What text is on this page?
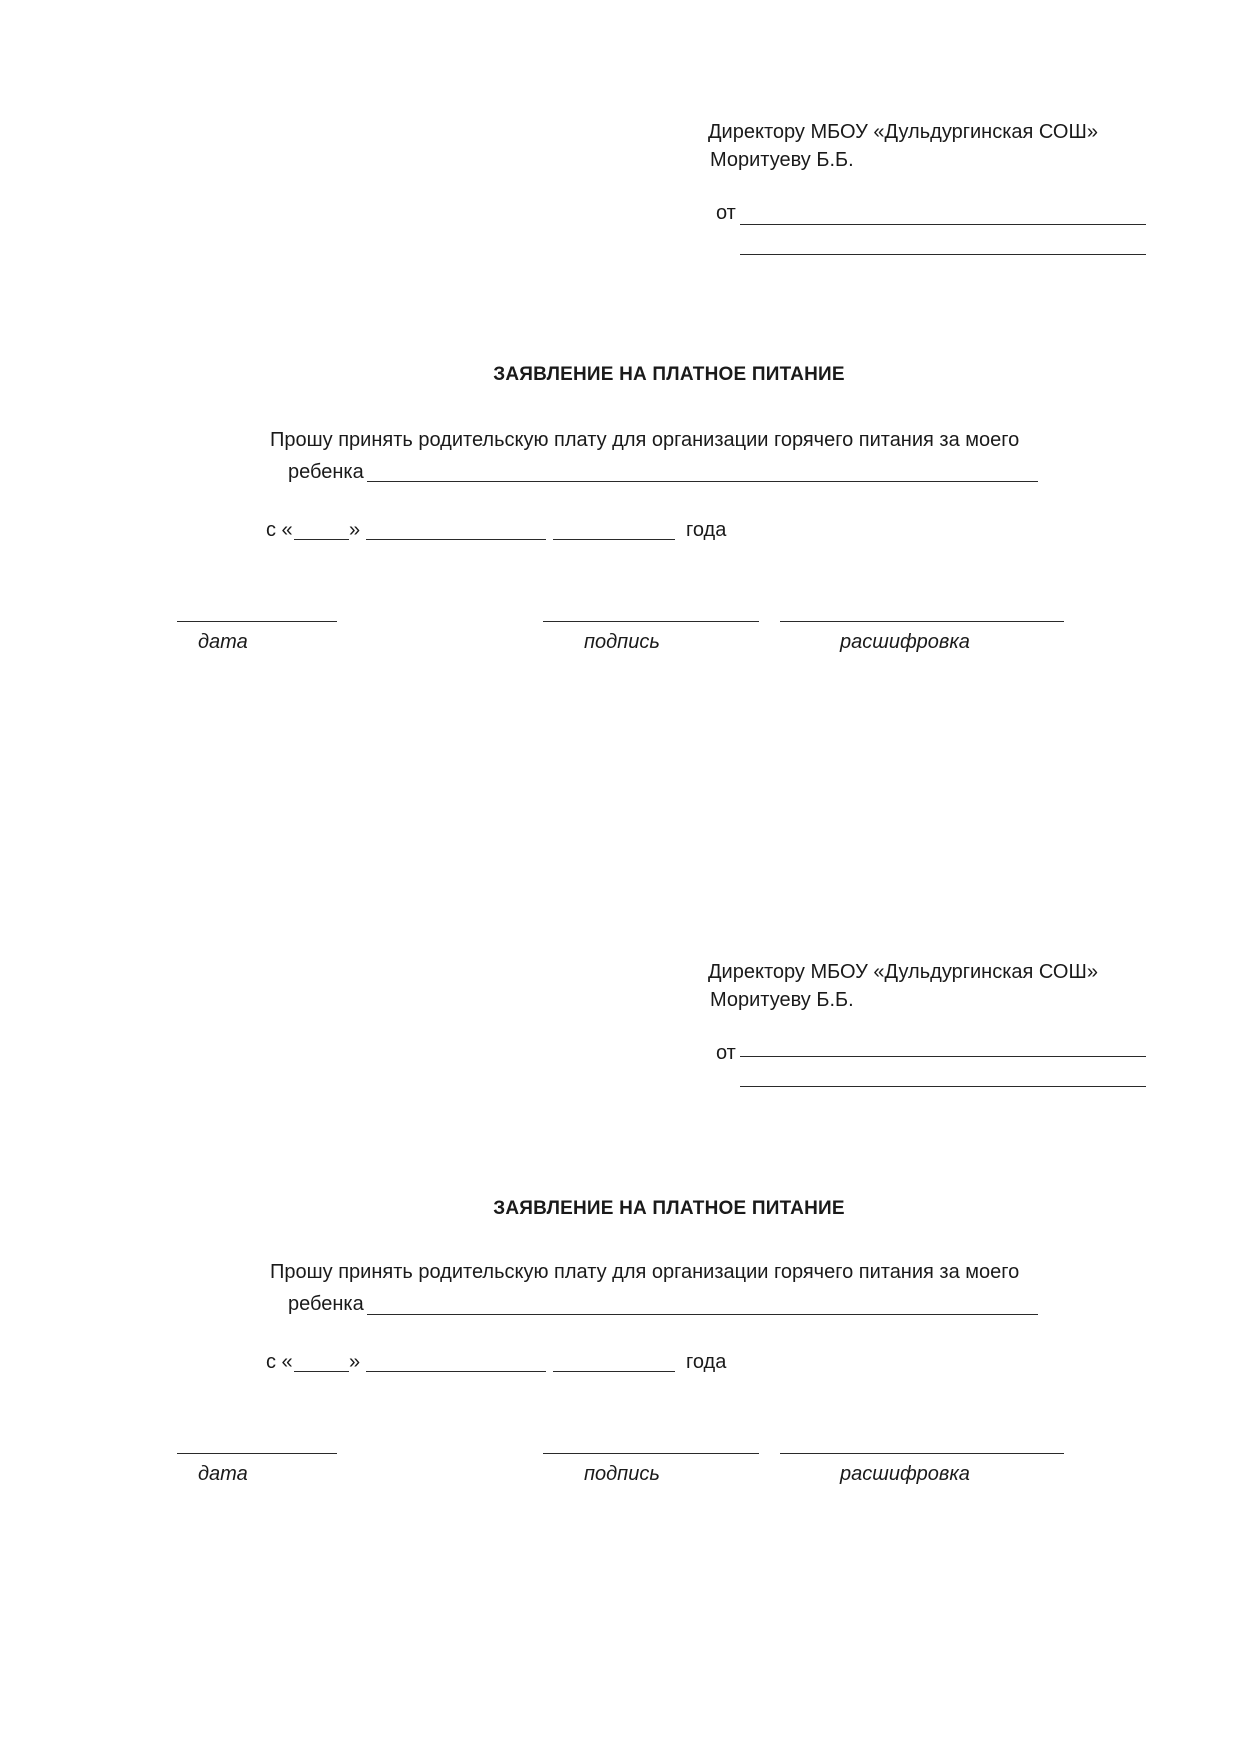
Директору МБОУ «Дульдургинская СОШ»
Моритуеву Б.Б.
от
ЗАЯВЛЕНИЕ НА ПЛАТНОЕ ПИТАНИЕ
Прошу принять родительскую плату для организации горячего питания за моего
ребенка
с «	»	года
дата	подпись	расшифровка
Директору МБОУ «Дульдургинская СОШ»
Моритуеву Б.Б.
от
ЗАЯВЛЕНИЕ НА ПЛАТНОЕ ПИТАНИЕ
Прошу принять родительскую плату для организации горячего питания за моего
ребенка
с «	»	года
дата	подпись	расшифровка
